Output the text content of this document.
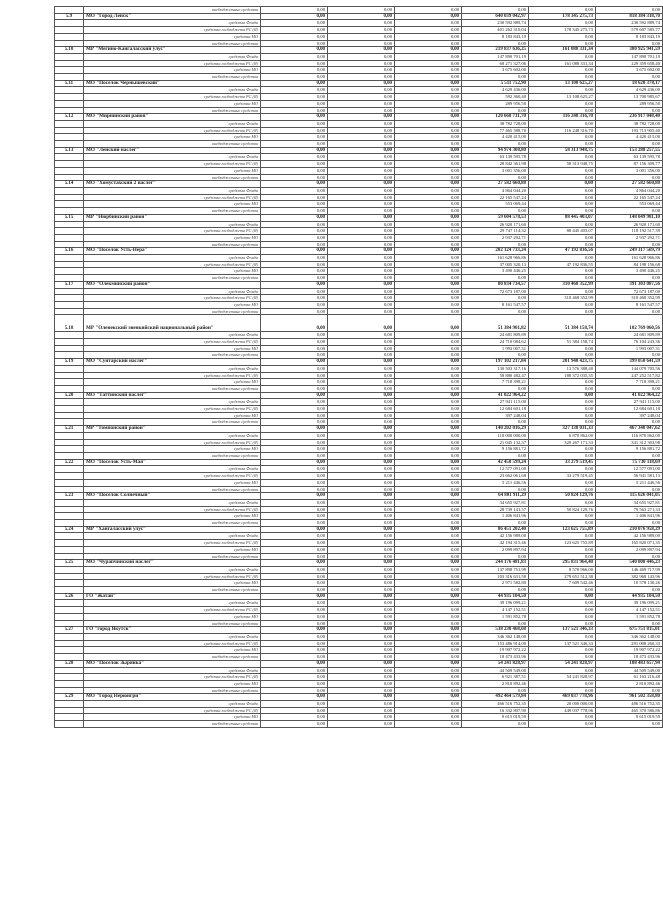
	внебюджетные средства	0,00	0,00	0,00	0,00	0,00	0,00
5.9	МО "Город Ленск"	0,00	0,00	0,00	640 039 042,97	178 345 275,73	818 384 318,70
	средства Фонда	0,00	0,00	0,00	230 592 889,74	0,00	230 592 889,74
	средства госбюджета РС (Я)	0,00	0,00	0,00	401 262 310,04	178 345 275,73	579 607 585,77
	средства МО	0,00	0,00	0,00	8 183 843,19	0,00	8 183 843,19
	внебюджетные средства	0,00	0,00	0,00	0,00	0,00	0,00
5.10	МР "Мегино-Кангаласский улус"	0,00	0,00	0,00	219 837 636,25	161 088 331,34	380 925 941,59
	средства Фонда	0,00	0,00	0,00	147 890 701,19	0,00	147 890 701,19
	средства госбюджета РС (Я)	0,00	0,00	0,00	68 271 327,06	161 088 331,34	229 359 658,40
	средства МО	0,00	0,00	0,00	3 675 602,00	0,00	3 675 602,00
	внебюджетные средства	0,00	0,00	0,00	0,00	0,00	0,00
5.11	МО "Поселок Чернышевский"	0,00	0,00	0,00	5 511 752,90	13 108 625,27	18 620 378,17
	средства Фонда	0,00	0,00	0,00	4 629 436,00	0,00	4 629 436,00
	средства госбюджета РС (Я)	0,00	0,00	0,00	592 360,40	13 108 625,27	13 700 985,67
	средства МО	0,00	0,00	0,00	289 956,50	0,00	289 956,50
	внебюджетные средства	0,00	0,00	0,00	0,00	0,00	0,00
5.12	МО "Мирнинский район"	0,00	0,00	0,00	120 668 731,70	116 248 316,70	236 917 048,40
	средства Фонда	0,00	0,00	0,00	38 782 728,00	0,00	38 782 728,00
	средства госбюджета РС (Я)	0,00	0,00	0,00	77 465 588,70	116 248 316,70	193 713 905,40
	средства МО	0,00	0,00	0,00	4 420 415,00	0,00	4 420 415,00
	внебюджетные средства	0,00	0,00	0,00	0,00	0,00	0,00
5.13	МО "Ленский наслег"	0,00	0,00	0,00	94 974 308,80	58 313 948,75	153 288 257,55
	средства Фонда	0,00	0,00	0,00	63 139 595,78	0,00	63 139 595,78
	средства госбюджета РС (Я)	0,00	0,00	0,00	28 842 361,98	58 313 948,75	87 156 309,77
	средства МО	0,00	0,00	0,00	3 001 356,00	0,00	3 001 356,00
	внебюджетные средства	0,00	0,00	0,00	0,00	0,00	0,00
5.14	МО "Хомустахский 2 наслег"	0,00	0,00	0,00	27 582 660,88	0,00	27 582 660,88
	средства Фонда	0,00	0,00	0,00	4 864 044,20	0,00	4 864 044,20
	средства госбюджета РС (Я)	0,00	0,00	0,00	22 165 547,24	0,00	22 165 547,24
	средства МО	0,00	0,00	0,00	553 069,44	0,00	553 069,44
	внебюджетные средства	0,00	0,00	0,00	0,00	0,00	0,00
5.15	МР "Нюрбинский район"	0,00	0,00	0,00	59 604 578,53	88 445 403,07	148 049 981,10
	средства Фонда	0,00	0,00	0,00	26 920 171,60	0,00	26 920 171,60
	средства госбюджета РС (Я)	0,00	0,00	0,00	29 747 114,32	88 445 403,07	118 192 517,39
	средства МО	0,00	0,00	0,00	2 937 292,71	0,00	2 937 292,71
	внебюджетные средства	0,00	0,00	0,00	0,00	0,00	0,00
5.16	МО "Поселок Усть-Нера"	0,00	0,00	0,00	202 124 733,24	47 192 836,56	249 317 569,79
	средства Фонда	0,00	0,00	0,00	161 628 966,86	0,00	161 628 966,86
	средства госбюджета РС (Я)	0,00	0,00	0,00	37 005 320,13	47 192 836,55	84 198 156,68
	средства МО	0,00	0,00	0,00	3 490 446,25	0,00	3 490 446,25
	внебюджетные средства	0,00	0,00	0,00	0,00	0,00	0,00
5.17	МО "Олекминский район"	0,00	0,00	0,00	80 834 734,57	310 468 352,99	391 303 087,56
	средства Фонда	0,00	0,00	0,00	72 673 187,00	0,00	72 673 187,00
	средства госбюджета РС (Я)	0,00	0,00	0,00	0,00	310 468 352,99	310 468 352,99
	средства МО	0,00	0,00	0,00	8 161 547,57	0,00	8 161 547,57
	внебюджетные средства	0,00	0,00	0,00	0,00	0,00	0,00
5.18	МР "Оленекский эвенкийский национальный район"	0,00	0,00	0,00	51 384 901,82	51 384 158,74	102 769 060,56
	средства Фонда	0,00	0,00	0,00	24 681 809,89	0,00	24 681 809,89
	средства госбюджета РС (Я)	0,00	0,00	0,00	24 710 084,62	51 384 158,74	76 104 243,36
	средства МО	0,00	0,00	0,00	1 993 007,31	0,00	1 993 007,31
	внебюджетные средства	0,00	0,00	0,00	0,00	0,00	0,00
5.19	МО "Сунтарский наслег"	0,00	0,00	0,00	197 102 217,84	201 948 423,75	399 050 641,59
	средства Фонда	0,00	0,00	0,00	130 503 317,16	13 576 388,40	144 079 705,56
	средства госбюджета РС (Я)	0,00	0,00	0,00	58 880 482,47	188 372 035,35	247 252 517,82
	средства МО	0,00	0,00	0,00	7 718 398,21	0,00	7 718 398,21
	внебюджетные средства	0,00	0,00	0,00	0,00	0,00	0,00
5.20	МО "Таттинский наслег"	0,00	0,00	0,00	41 022 964,22	0,00	41 022 964,22
	средства Фонда	0,00	0,00	0,00	27 941 115,00	0,00	27 941 115,00
	средства госбюджета РС (Я)	0,00	0,00	0,00	12 684 601,18	0,00	12 684 601,18
	средства МО	0,00	0,00	0,00	397 248,04	0,00	397 248,04
	внебюджетные средства	0,00	0,00	0,00	0,00	0,00	0,00
5.21	МР "Томпонский район"	0,00	0,00	0,00	140 202 016,29	327 138 031,33	467 340 047,62
	средства Фонда	0,00	0,00	0,00	110 000 000,00	6 870 862,00	116 870 862,00
	средства госбюджета РС (Я)	0,00	0,00	0,00	21 045 132,37	320 267 171,33	341 312 303,98
	средства МО	0,00	0,00	0,00	9 156 881,72	0,00	9 156 881,72
	внебюджетные средства	0,00	0,00	0,00	0,00	0,00	0,00
5.22	МО "Поселок Усть-Мая"	0,00	0,00	0,00	42 450 599,24	33 279 519,45	75 730 118,69
	средства Фонда	0,00	0,00	0,00	12 577 091,00	0,00	12 577 091,00
	средства госбюджета РС (Я)	0,00	0,00	0,00	23 662 061,68	33 279 519,45	56 941 581,13
	средства МО	0,00	0,00	0,00	5 211 446,56	0,00	5 211 446,56
	внебюджетные средства	0,00	0,00	0,00	0,00	0,00	0,00
5.23	МО "Поселок Солнечный"	0,00	0,00	0,00	64 801 911,29	50 824 129,76	115 626 041,05
	средства Фонда	0,00	0,00	0,00	34 655 927,81	0,00	34 655 927,81
	средства госбюджета РС (Я)	0,00	0,00	0,00	28 739 141,57	50 824 129,76	79 563 271,33
	средства МО	0,00	0,00	0,00	1 406 841,96	0,00	1 406 841,96
	внебюджетные средства	0,00	0,00	0,00	0,00	0,00	0,00
5.24	МР "Хангаласский улус"	0,00	0,00	0,00	86 451 202,40	123 625 755,89	210 076 958,29
	средства Фонда	0,00	0,00	0,00	42 156 989,00	0,00	42 156 989,00
	средства госбюджета РС (Я)	0,00	0,00	0,00	42 194 315,46	123 625 755,89	165 820 071,35
	средства МО	0,00	0,00	0,00	2 099 897,94	0,00	2 099 897,94
	внебюджетные средства	0,00	0,00	0,00	0,00	0,00	0,00
5.25	МО "Чурапчинский наслег"	0,00	0,00	0,00	244 176 481,83	295 831 964,40	540 008 446,23
	средства Фонда	0,00	0,00	0,00	137 898 751,99	8 570 966,00	146 469 717,99
	средства госбюджета РС (Я)	0,00	0,00	0,00	103 316 631,58	279 651 512,38	382 968 143,96
	средства МО	0,00	0,00	0,00	2 971 582,80	7 609 542,46	10 578 130,26
	внебюджетные средства	0,00	0,00	0,00	0,00	0,00	0,00
5.26	ГО "Жатай"	0,00	0,00	0,00	44 935 104,50	0,00	44 935 104,50
	средства Фонда	0,00	0,00	0,00	39 196 099,21	0,00	39 196 099,21
	средства госбюджета РС (Я)	0,00	0,00	0,00	4 147 152,51	0,00	4 147 152,51
	средства МО	0,00	0,00	0,00	1 591 852,78	0,00	1 591 852,78
	внебюджетные средства	0,00	0,00	0,00	0,00	0,00	0,00
5.27	ГО "город Якутск"	0,00	0,00	0,00	538 230 468,68	137 521 346,33	675 751 815,01
	средства Фонда	0,00	0,00	0,00	346 362 148,00	0,00	346 362 148,00
	средства госбюджета РС (Я)	0,00	0,00	0,00	153 486 914,00	137 521 346,33	291 008 260,33
	средства МО	0,00	0,00	0,00	19 907 972,22	0,00	19 907 972,22
	внебюджетные средства	0,00	0,00	0,00	18 473 433,96	0,00	18 473 433,96
5.28	МО "Поселок Зырянка"	0,00	0,00	0,00	54 241 828,97	54 241 828,97	108 483 657,94
	средства Фонда	0,00	0,00	0,00	44 509 549,00	0,00	44 509 549,00
	средства госбюджета РС (Я)	0,00	0,00	0,00	6 921 387,51	54 241 828,97	61 163 216,48
	средства МО	0,00	0,00	0,00	2 810 892,46	0,00	2 810 892,46
	внебюджетные средства	0,00	0,00	0,00	0,00	0,00	0,00
5.29	МО "Город Нерюнгри"	0,00	0,00	0,00	492 464 579,84	469 037 778,96	961 502 358,80
	средства Фонда	0,00	0,00	0,00	466 516 752,35	20 000 000,00	486 516 752,35
	средства госбюджета РС (Я)	0,00	0,00	0,00	16 332 807,90	449 037 778,96	465 370 586,86
	средства МО	0,00	0,00	0,00	9 615 019,59	0,00	9 615 019,59
	внебюджетные средства	0,00	0,00	0,00	0,00	0,00	0,00
